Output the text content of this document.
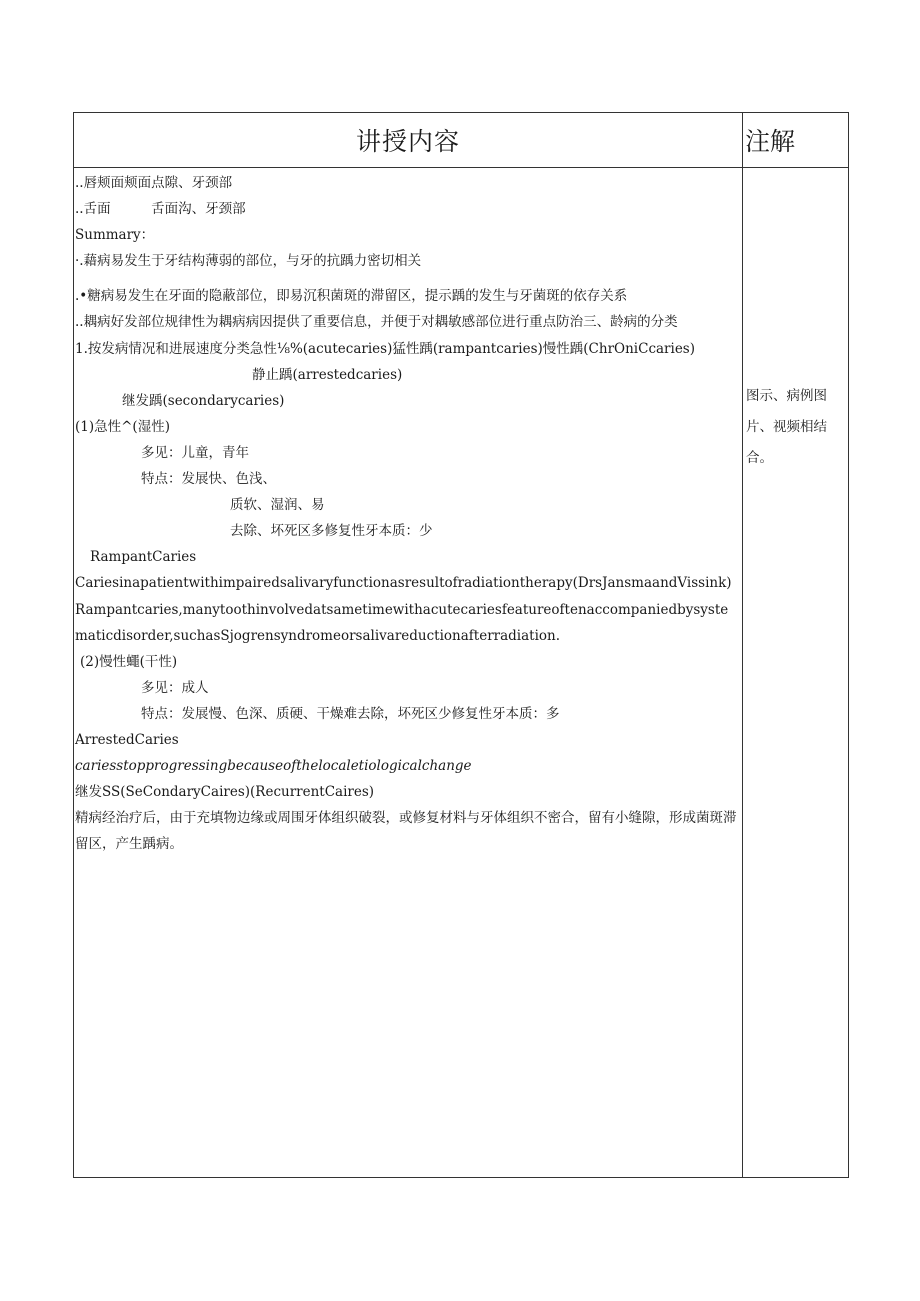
讲授内容	注解
..唇颊面颊面点隙、牙颈部
..舌面　　　舌面沟、牙颈部
Summary：
·.藉病易发生于牙结构薄弱的部位，与牙的抗踽力密切相关
.•糖病易发生在牙面的隐蔽部位，即易沉积菌斑的滞留区，提示踽的发生与牙菌斑的依存关系
..耦病好发部位规律性为耦病病因提供了重要信息，并便于对耦敏感部位进行重点防治三、龄病的分类
1.按发病情况和进展速度分类急性⅛%(acutecaries)猛性踽(rampantcaries)慢性踽(ChrOniCcaries)
静止踽(arrestedcaries)
继发踽(secondarycaries)
(1)急性^(湿性)
多见：儿童，青年
特点：发展快、色浅、
质软、湿润、易
去除、坏死区多修复性牙本质：少
RampantCaries
Cariesinapatientwithimpairedsalivaryfunctionasresultofradiationtherapy(DrsJansmaandVissink)
Rampantcaries,manytoothinvolvedatsametimewithacutecariesfeatureoftenaccompaniedbysystematicdisorder,suchasSjogrensyndromeorsalivareductionafterradiation.
(2)慢性蠅(干性)
多见：成人
特点：发展慢、色深、质硬、干燥难去除，坏死区少修复性牙本质：多
ArrestedCaries
cariesstopprogressingbecauseofthelocaletiologicalchange
继发SS(SeCondaryCaires)(RecurrentCaires)
精病经治疗后，由于充填物边缘或周围牙体组织破裂，或修复材料与牙体组织不密合，留有小缝隙，形成菌斑滞留区，产生踽病。
图示、病例图片、视频相结合。
